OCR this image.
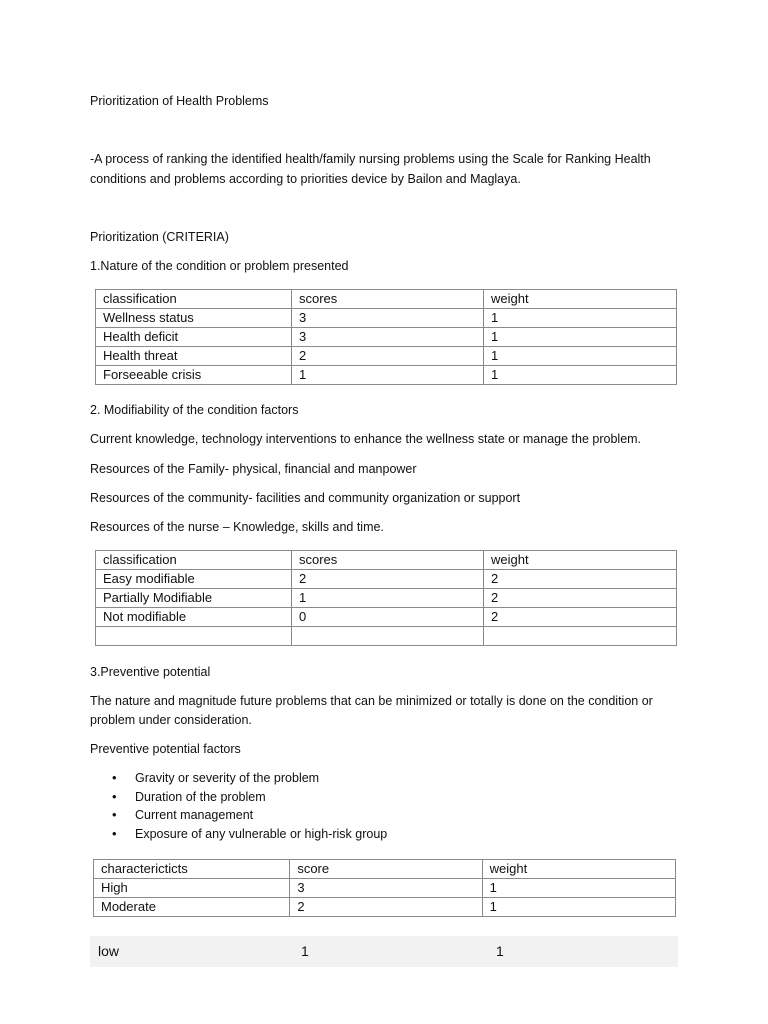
Prioritization of Health Problems
-A process of ranking the identified health/family nursing problems using the Scale for Ranking Health
conditions and problems according to priorities device by Bailon and Maglaya.
Prioritization (CRITERIA)
1.Nature of the condition or problem presented
classification	scores	weight
Wellness status	3	1
Health deficit	3	1
Health threat	2	1
Forseeable crisis	1	1
2. Modifiability of the condition factors
Current knowledge, technology interventions to enhance the wellness state or manage the problem.
Resources of the Family- physical, financial and manpower
Resources of the community- facilities and community organization or support
Resources of the nurse – Knowledge, skills and time.
classification	scores	weight
Easy modifiable	2	2
Partially Modifiable	1	2
Not modifiable	0	2

3.Preventive potential
The nature and magnitude future problems that can be minimized or totally is done on the condition or
problem under consideration.
Preventive potential factors
• Gravity or severity of the problem
• Duration of the problem
• Current management
• Exposure of any vulnerable or high-risk group
charactericticts	score	weight
High	3	1
Moderate	2	1
low	1	1
